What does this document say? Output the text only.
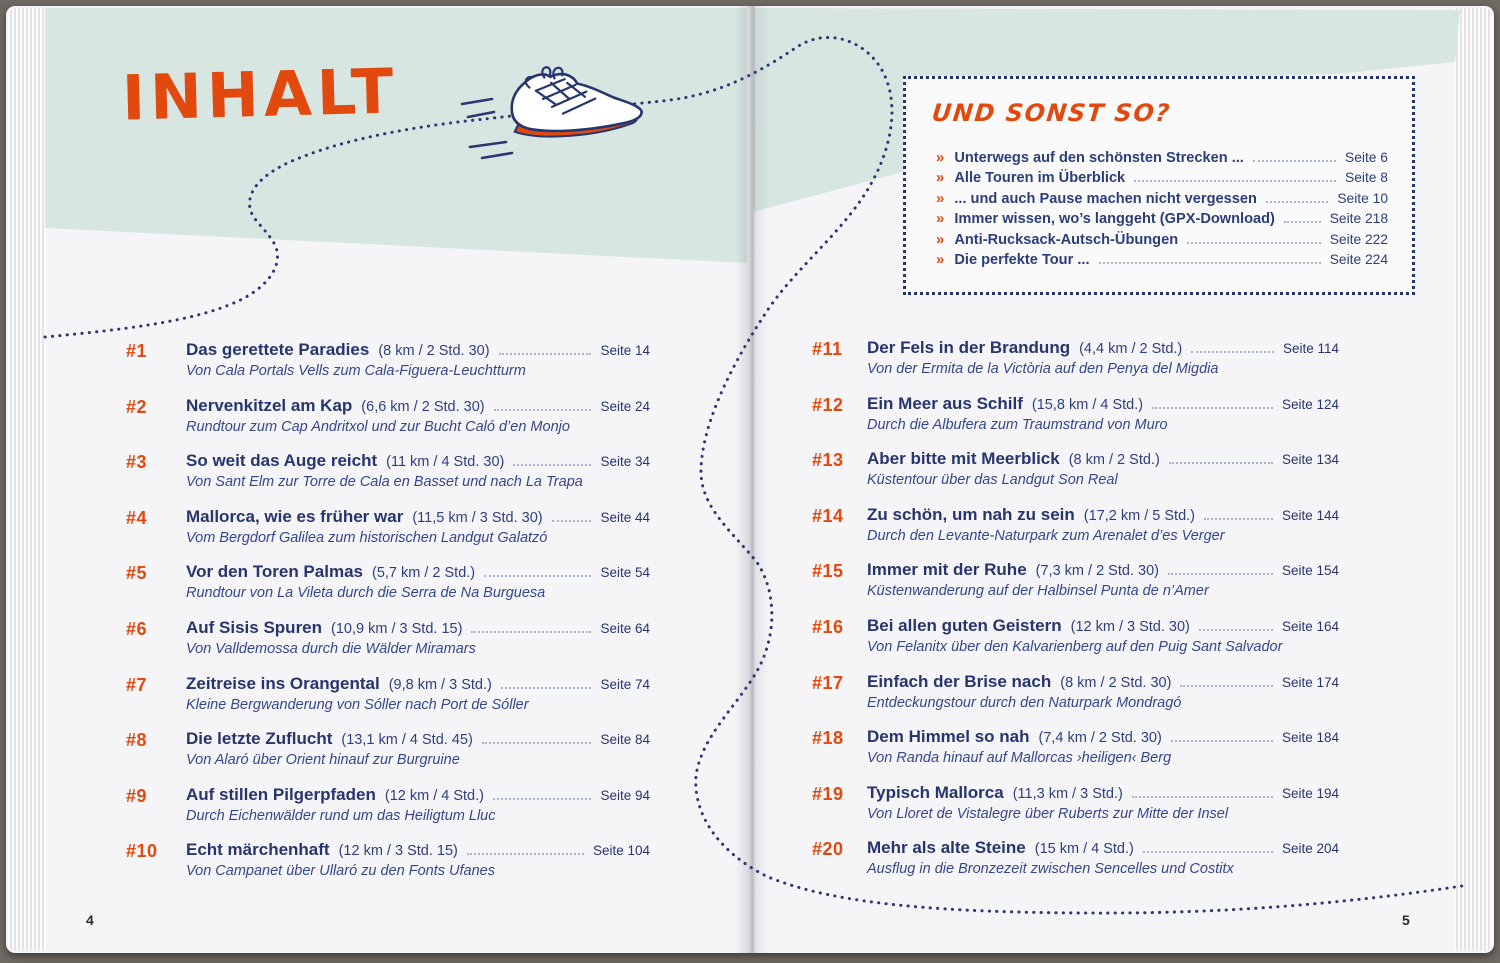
INHALT
#1	Das gerettete Paradies (8 km / 2 Std. 30)	Seite 14
Von Cala Portals Vells zum Cala-Figuera-Leuchtturm
#2	Nervenkitzel am Kap (6,6 km / 2 Std. 30)	Seite 24
Rundtour zum Cap Andritxol und zur Bucht Caló d’en Monjo
#3	So weit das Auge reicht (11 km / 4 Std. 30)	Seite 34
Von Sant Elm zur Torre de Cala en Basset und nach La Trapa
#4	Mallorca, wie es früher war (11,5 km / 3 Std. 30)	Seite 44
Vom Bergdorf Galilea zum historischen Landgut Galatzó
#5	Vor den Toren Palmas (5,7 km / 2 Std.)	Seite 54
Rundtour von La Vileta durch die Serra de Na Burguesa
#6	Auf Sisis Spuren (10,9 km / 3 Std. 15)	Seite 64
Von Valldemossa durch die Wälder Miramars
#7	Zeitreise ins Orangental (9,8 km / 3 Std.)	Seite 74
Kleine Bergwanderung von Sóller nach Port de Sóller
#8	Die letzte Zuflucht (13,1 km / 4 Std. 45)	Seite 84
Von Alaró über Orient hinauf zur Burgruine
#9	Auf stillen Pilgerpfaden (12 km / 4 Std.)	Seite 94
Durch Eichenwälder rund um das Heiligtum Lluc
#10	Echt märchenhaft (12 km / 3 Std. 15)	Seite 104
Von Campanet über Ullaró zu den Fonts Ufanes
4
UND SONST SO?
» Unterwegs auf den schönsten Strecken ...	Seite 6
» Alle Touren im Überblick	Seite 8
» ... und auch Pause machen nicht vergessen	Seite 10
» Immer wissen, wo’s langgeht (GPX-Download)	Seite 218
» Anti-Rucksack-Autsch-Übungen	Seite 222
» Die perfekte Tour ...	Seite 224
#11	Der Fels in der Brandung (4,4 km / 2 Std.)	Seite 114
Von der Ermita de la Victòria auf den Penya del Migdia
#12	Ein Meer aus Schilf (15,8 km / 4 Std.)	Seite 124
Durch die Albufera zum Traumstrand von Muro
#13	Aber bitte mit Meerblick (8 km / 2 Std.)	Seite 134
Küstentour über das Landgut Son Real
#14	Zu schön, um nah zu sein (17,2 km / 5 Std.)	Seite 144
Durch den Levante-Naturpark zum Arenalet d’es Verger
#15	Immer mit der Ruhe (7,3 km / 2 Std. 30)	Seite 154
Küstenwanderung auf der Halbinsel Punta de n’Amer
#16	Bei allen guten Geistern (12 km / 3 Std. 30)	Seite 164
Von Felanitx über den Kalvarienberg auf den Puig Sant Salvador
#17	Einfach der Brise nach (8 km / 2 Std. 30)	Seite 174
Entdeckungstour durch den Naturpark Mondragó
#18	Dem Himmel so nah (7,4 km / 2 Std. 30)	Seite 184
Von Randa hinauf auf Mallorcas ›heiligen‹ Berg
#19	Typisch Mallorca (11,3 km / 3 Std.)	Seite 194
Von Lloret de Vistalegre über Ruberts zur Mitte der Insel
#20	Mehr als alte Steine (15 km / 4 Std.)	Seite 204
Ausflug in die Bronzezeit zwischen Sencelles und Costitx
5
